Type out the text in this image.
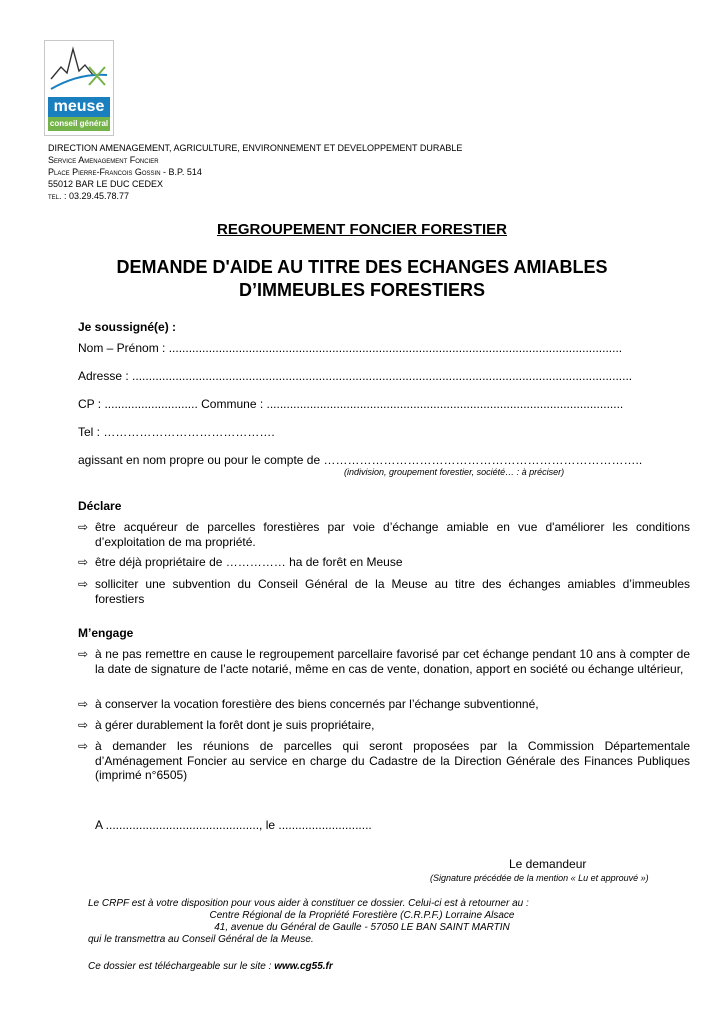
meuse
conseil général
DIRECTION AMENAGEMENT, AGRICULTURE, ENVIRONNEMENT ET DEVELOPPEMENT DURABLE
Service Amenagement Foncier
Place Pierre-Francois Gossin - B.P. 514
55012 BAR LE DUC CEDEX
tel. : 03.29.45.78.77
REGROUPEMENT FONCIER FORESTIER
DEMANDE D'AIDE AU TITRE DES ECHANGES AMIABLES
D’IMMEUBLES FORESTIERS
Je soussigné(e) :
Nom – Prénom : ........................................................................................................................................
Adresse : ......................................................................................................................................................
CP : ............................ Commune : ...........................................................................................................
Tel : …………………………………….
agissant en nom propre ou pour le compte de ……………………………………………………………………..
(indivision, groupement forestier, société… : à préciser)
Déclare
⇨ être acquéreur de parcelles forestières par voie d’échange amiable en vue d'améliorer les conditions d’exploitation de ma propriété.
⇨ être déjà propriétaire de …………… ha de forêt en Meuse
⇨ solliciter une subvention du Conseil Général de la Meuse au titre des échanges amiables d’immeubles forestiers
M’engage
⇨ à ne pas remettre en cause le regroupement parcellaire favorisé par cet échange pendant 10 ans à compter de la date de signature de l’acte notarié, même en cas de vente, donation, apport en société ou échange ultérieur,
⇨ à conserver la vocation forestière des biens concernés par l’échange subventionné,
⇨ à gérer durablement la forêt dont je suis propriétaire,
⇨ à demander les réunions de parcelles qui seront proposées par la Commission Départementale d’Aménagement Foncier au service en charge du Cadastre de la Direction Générale des Finances Publiques (imprimé n°6505)
A .............................................., le ............................
Le demandeur
(Signature précédée de la mention « Lu et approuvé »)
Le CRPF est à votre disposition pour vous aider à constituer ce dossier. Celui-ci est à retourner au :
Centre Régional de la Propriété Forestière (C.R.P.F.) Lorraine Alsace
41, avenue du Général de Gaulle - 57050 LE BAN SAINT MARTIN
qui le transmettra au Conseil Général de la Meuse.
Ce dossier est téléchargeable sur le site : www.cg55.fr
